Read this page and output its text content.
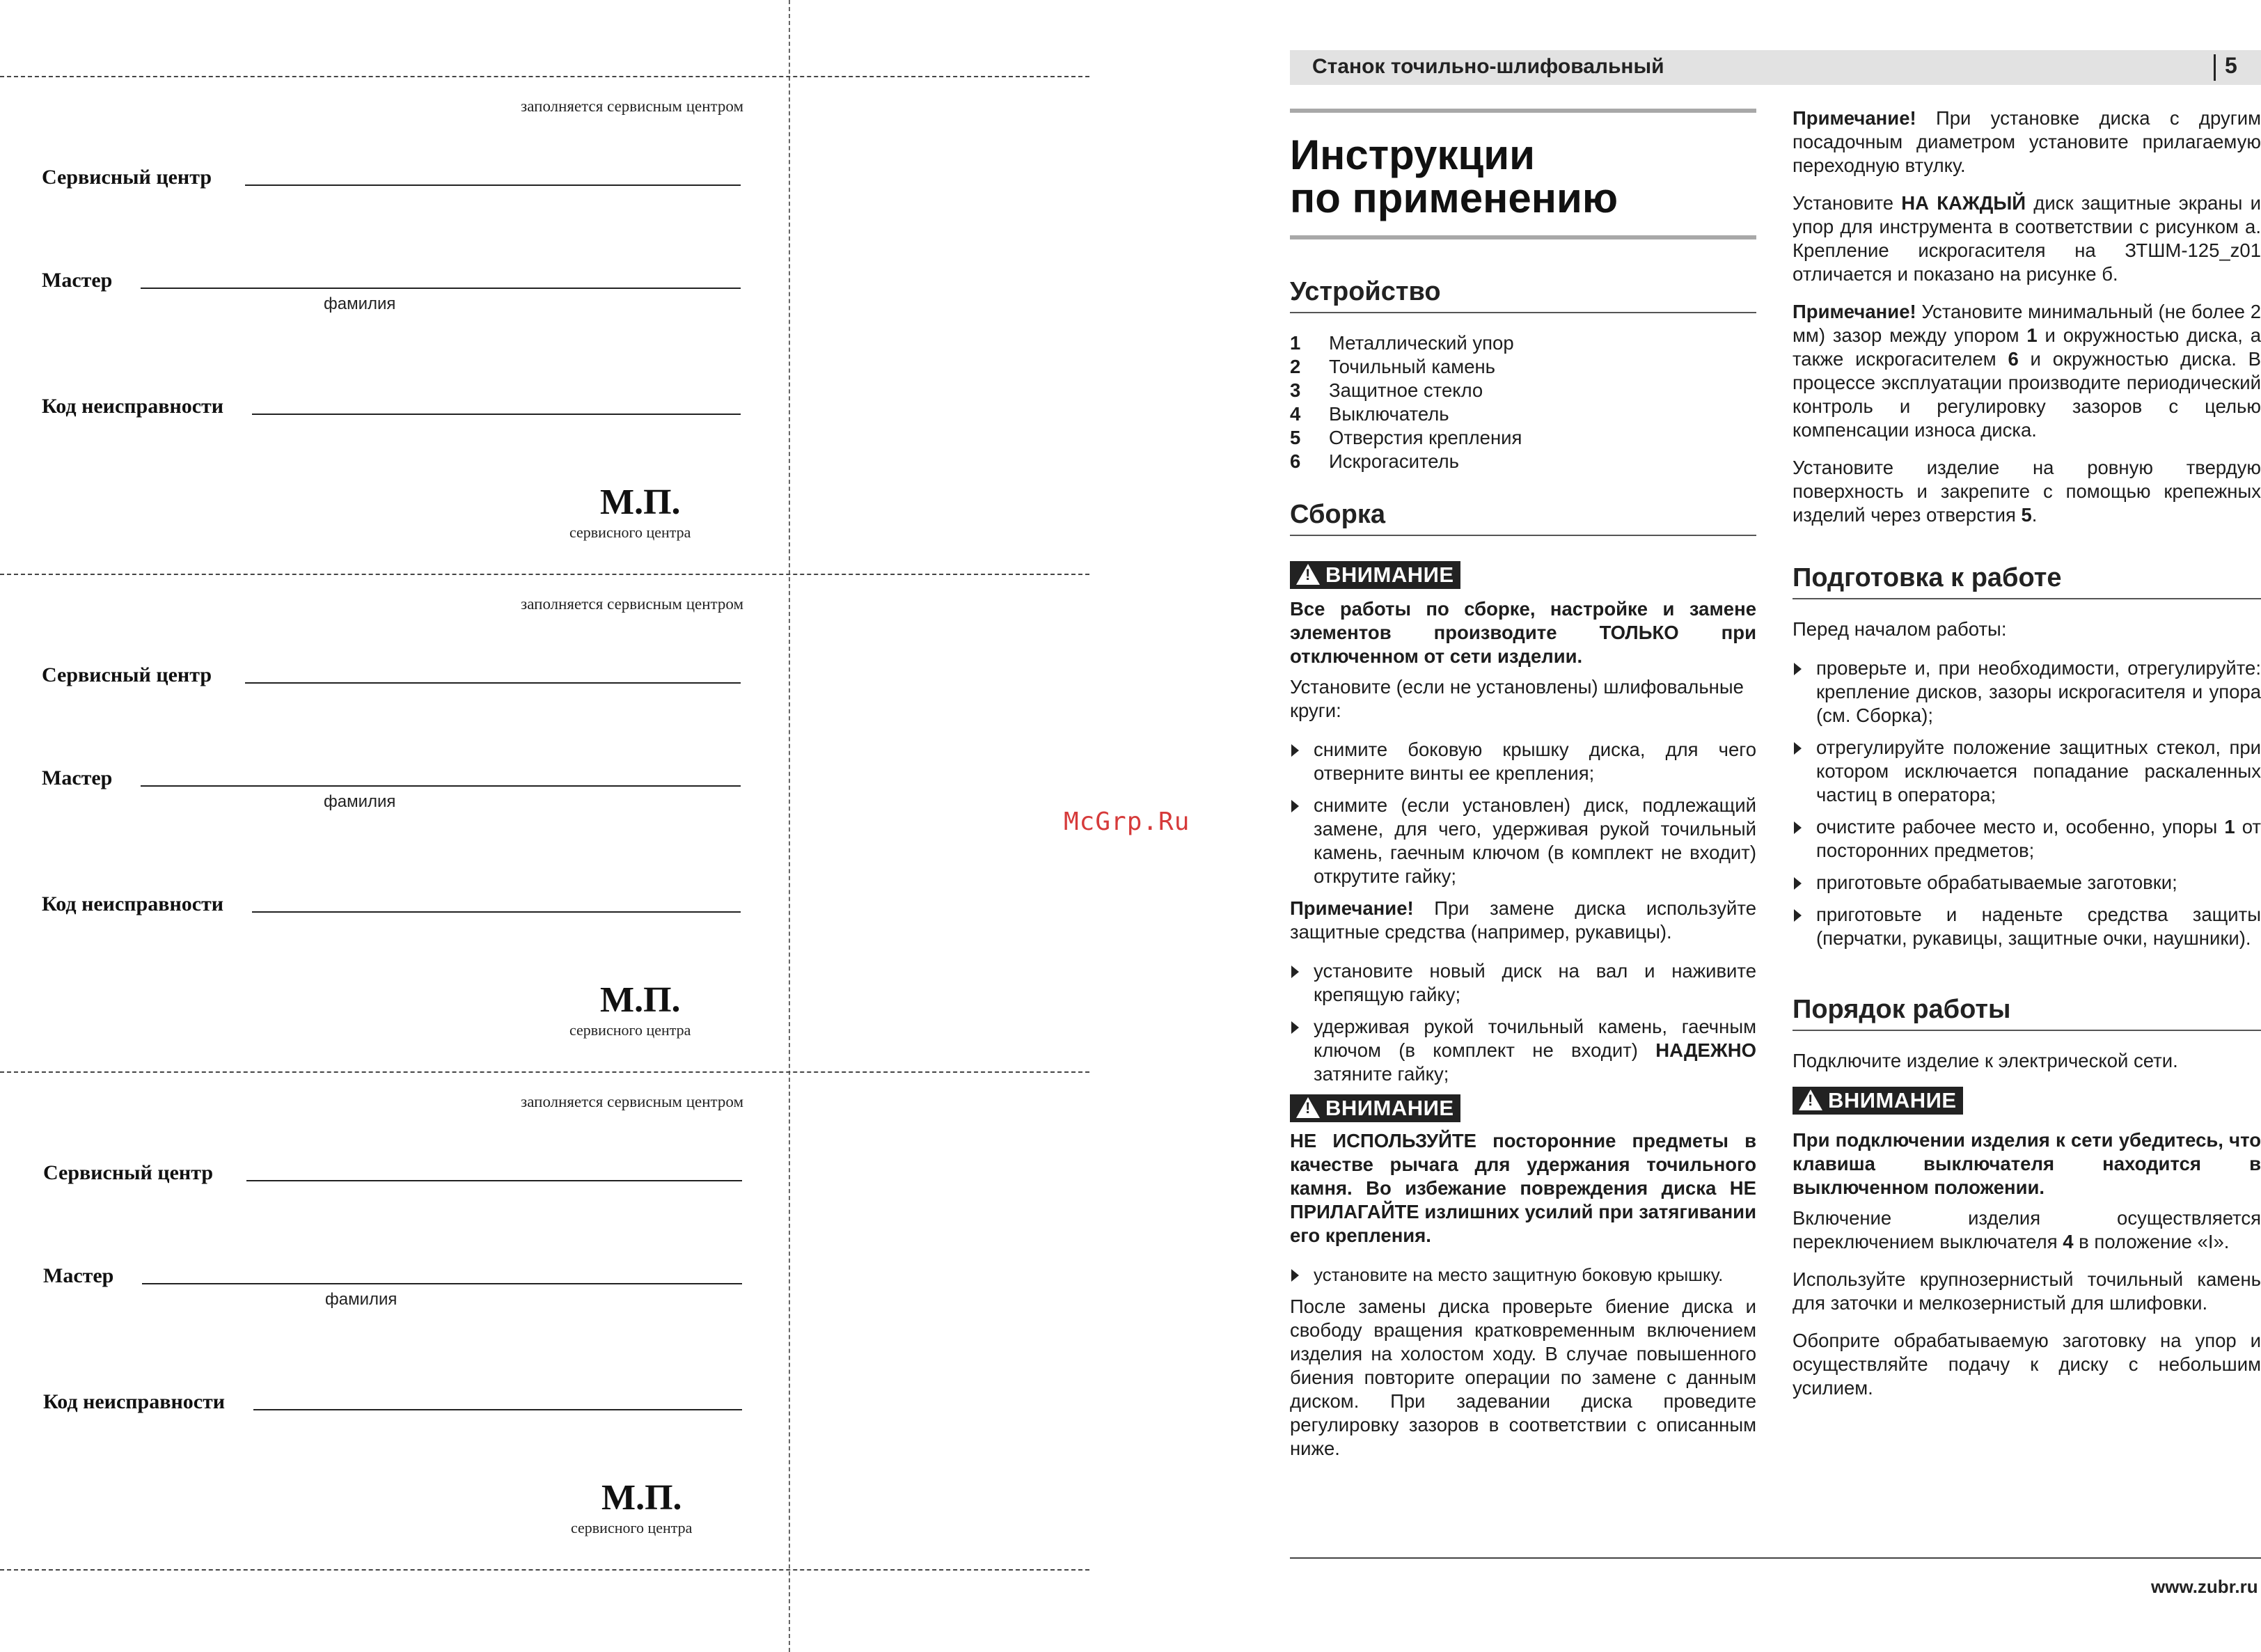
заполняется сервисным центром
Сервисный центр
Мастер
фамилия
Код неисправности
М.П.
сервисного центра
заполняется сервисным центром
Сервисный центр
Мастер
фамилия
Код неисправности
М.П.
сервисного центра
заполняется сервисным центром
Сервисный центр
Мастер
фамилия
Код неисправности
М.П.
сервисного центра
McGrp.Ru
Станок точильно-шлифовальный	5
Инструкции
по применению
Устройство
1	Металлический упор
2	Точильный камень
3	Защитное стекло
4	Выключатель
5	Отверстия крепления
6	Искрогаситель
Сборка
! ВНИМАНИЕ

Все работы по сборке, настройке и замене элементов производите ТОЛЬКО при отключенном от сети изделии.

Установите (если не установлены) шлифовальные круги:

снимите боковую крышку диска, для чего отверните винты ее крепления;
снимите (если установлен) диск, подлежащий замене, для чего, удерживая рукой точильный камень, гаечным ключом (в комплект не входит) открутите гайку;

Примечание! При замене диска используйте защитные средства (например, рукавицы).

установите новый диск на вал и наживите крепящую гайку;
удерживая рукой точильный камень, гаечным ключом (в комплект не входит) НАДЕЖНО затяните гайку;
! ВНИМАНИЕ

НЕ ИСПОЛЬЗУЙТЕ посторонние предметы в качестве рычага для удержания точильного камня. Во избежание повреждения диска НЕ ПРИЛАГАЙТЕ излишних усилий при затягивании его крепления.

установите на место защитную боковую крышку.

После замены диска проверьте биение диска и свободу вращения кратковременным включением изделия на холостом ходу. В случае повышенного биения повторите операции по замене с данным диском. При задевании диска проведите регулировку зазоров в соответствии с описанным ниже.

Примечание! При установке диска с другим посадочным диаметром установите прилагаемую переходную втулку.

Установите НА КАЖДЫЙ диск защитные экраны и упор для инструмента в соответствии с рисунком а. Крепление искрогасителя на ЗТШМ-125_z01 отличается и показано на рисунке б.

Примечание! Установите минимальный (не более 2 мм) зазор между упором 1 и окружностью диска, а также искрогасителем 6 и окружностью диска. В процессе эксплуатации производите периодический контроль и регулировку зазоров с целью компенсации износа диска.

Установите изделие на ровную твердую поверхность и закрепите с помощью крепежных изделий через отверстия 5.

Подготовка к работе

Перед началом работы:

проверьте и, при необходимости, отрегулируйте: крепление дисков, зазоры искрогасителя и упора (см. Сборка);
отрегулируйте положение защитных стекол, при котором исключается попадание раскаленных частиц в оператора;
очистите рабочее место и, особенно, упоры 1 от посторонних предметов;
приготовьте обрабатываемые заготовки;
приготовьте и наденьте средства защиты (перчатки, рукавицы, защитные очки, наушники).
Порядок работы

Подключите изделие к электрической сети.

! ВНИМАНИЕ

При подключении изделия к сети убедитесь, что клавиша выключателя находится в выключенном положении.

Включение изделия осуществляется переключением выключателя 4 в положение «I».

Используйте крупнозернистый точильный камень для заточки и мелкозернистый для шлифовки.

Обоприте обрабатываемую заготовку на упор и осуществляйте подачу к диску с небольшим усилием.

www.zubr.ru
